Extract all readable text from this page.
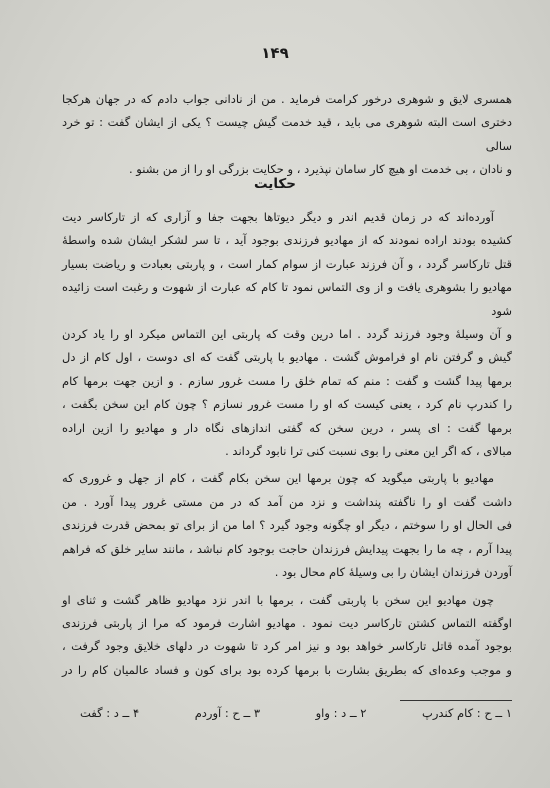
۱۴۹

همسری لایق و شوهری درخور کرامت فرماید . من از نادانی جواب دادم که در جهان هرکجا

دختری است البته شوهری می باید ، قید خدمت گیش چیست ؟ یکی از ایشان گفت : تو خرد سالی

و نادان ، بی خدمت او هیچ کار سامان نپذیرد ، و حکایت بزرگی او را از من بشنو .

حکایت

آورده‌اند که در زمان قدیم اندر و دیگر دیوتاها بجهت جفا و آزاری که از تارکاسر دیت

کشیده بودند اراده نمودند که از مهادیو فرزندی بوجود آید ، تا سر لشکر ایشان شده واسطهٔ

قتل تارکاسر گردد ، و آن فرزند عبارت از سوام کمار است ، و پاربتی بعبادت و ریاضت بسیار

مهادیو را بشوهری یافت و از وی التماس نمود تا کام که عبارت از شهوت و رغبت است زائیده شود

و آن وسیلهٔ وجود فرزند گردد . اما درین وقت که پاربتی این التماس میکرد او را یاد کردن

گیش و گرفتن نام او فراموش گشت . مهادیو با پاربتی گفت که ای دوست ، اول کام از دل

برمها پیدا گشت و گفت : منم که تمام خلق را مست غرور سازم . و ازین جهت برمها کام

را کندرپ نام کرد ، یعنی کیست که او را مست غرور نسازم ؟ چون کام این سخن بگفت ،

برمها گفت : ای پسر ، درین سخن که گفتی اندازهای نگاه دار و مهادیو را ازین اراده

مبالای ، که اگر این معنی را بوی نسبت کنی ترا نابود گرداند .

مهادیو با پاربتی میگوید که چون برمها این سخن بکام گفت ، کام از جهل و غروری که

داشت گفت او را ناگفته پنداشت و نزد من آمد که در من مستی غرور پیدا آورد . من

فی الحال او را سوختم ، دیگر او چگونه وجود گیرد ؟ اما من از برای تو بمحض قدرت فرزندی

پیدا آرم ، چه ما را بجهت پیدایش فرزندان حاجت بوجود کام نباشد ، مانند سایر خلق که فراهم

آوردن فرزندان ایشان را بی وسیلهٔ کام محال بود .

چون مهادیو این سخن با پاربتی گفت ، برمها با اندر نزد مهادیو ظاهر گشت و ثنای او

اوگفته التماس کشتن تارکاسر دیت نمود . مهادیو اشارت فرمود که مرا از پاربتی فرزندی

بوجود آمده قاتل تارکاسر خواهد بود و نیز امر کرد تا شهوت در دلهای خلایق وجود گرفت ،

و موجب وعده‌ای که بطریق بشارت با برمها کرده بود برای کون و فساد عالمیان کام را در

۱ ــ ح : کام کندرپ
۲ ــ د : واو
۳ ــ ح : آوردم
۴ ــ د : گفت
